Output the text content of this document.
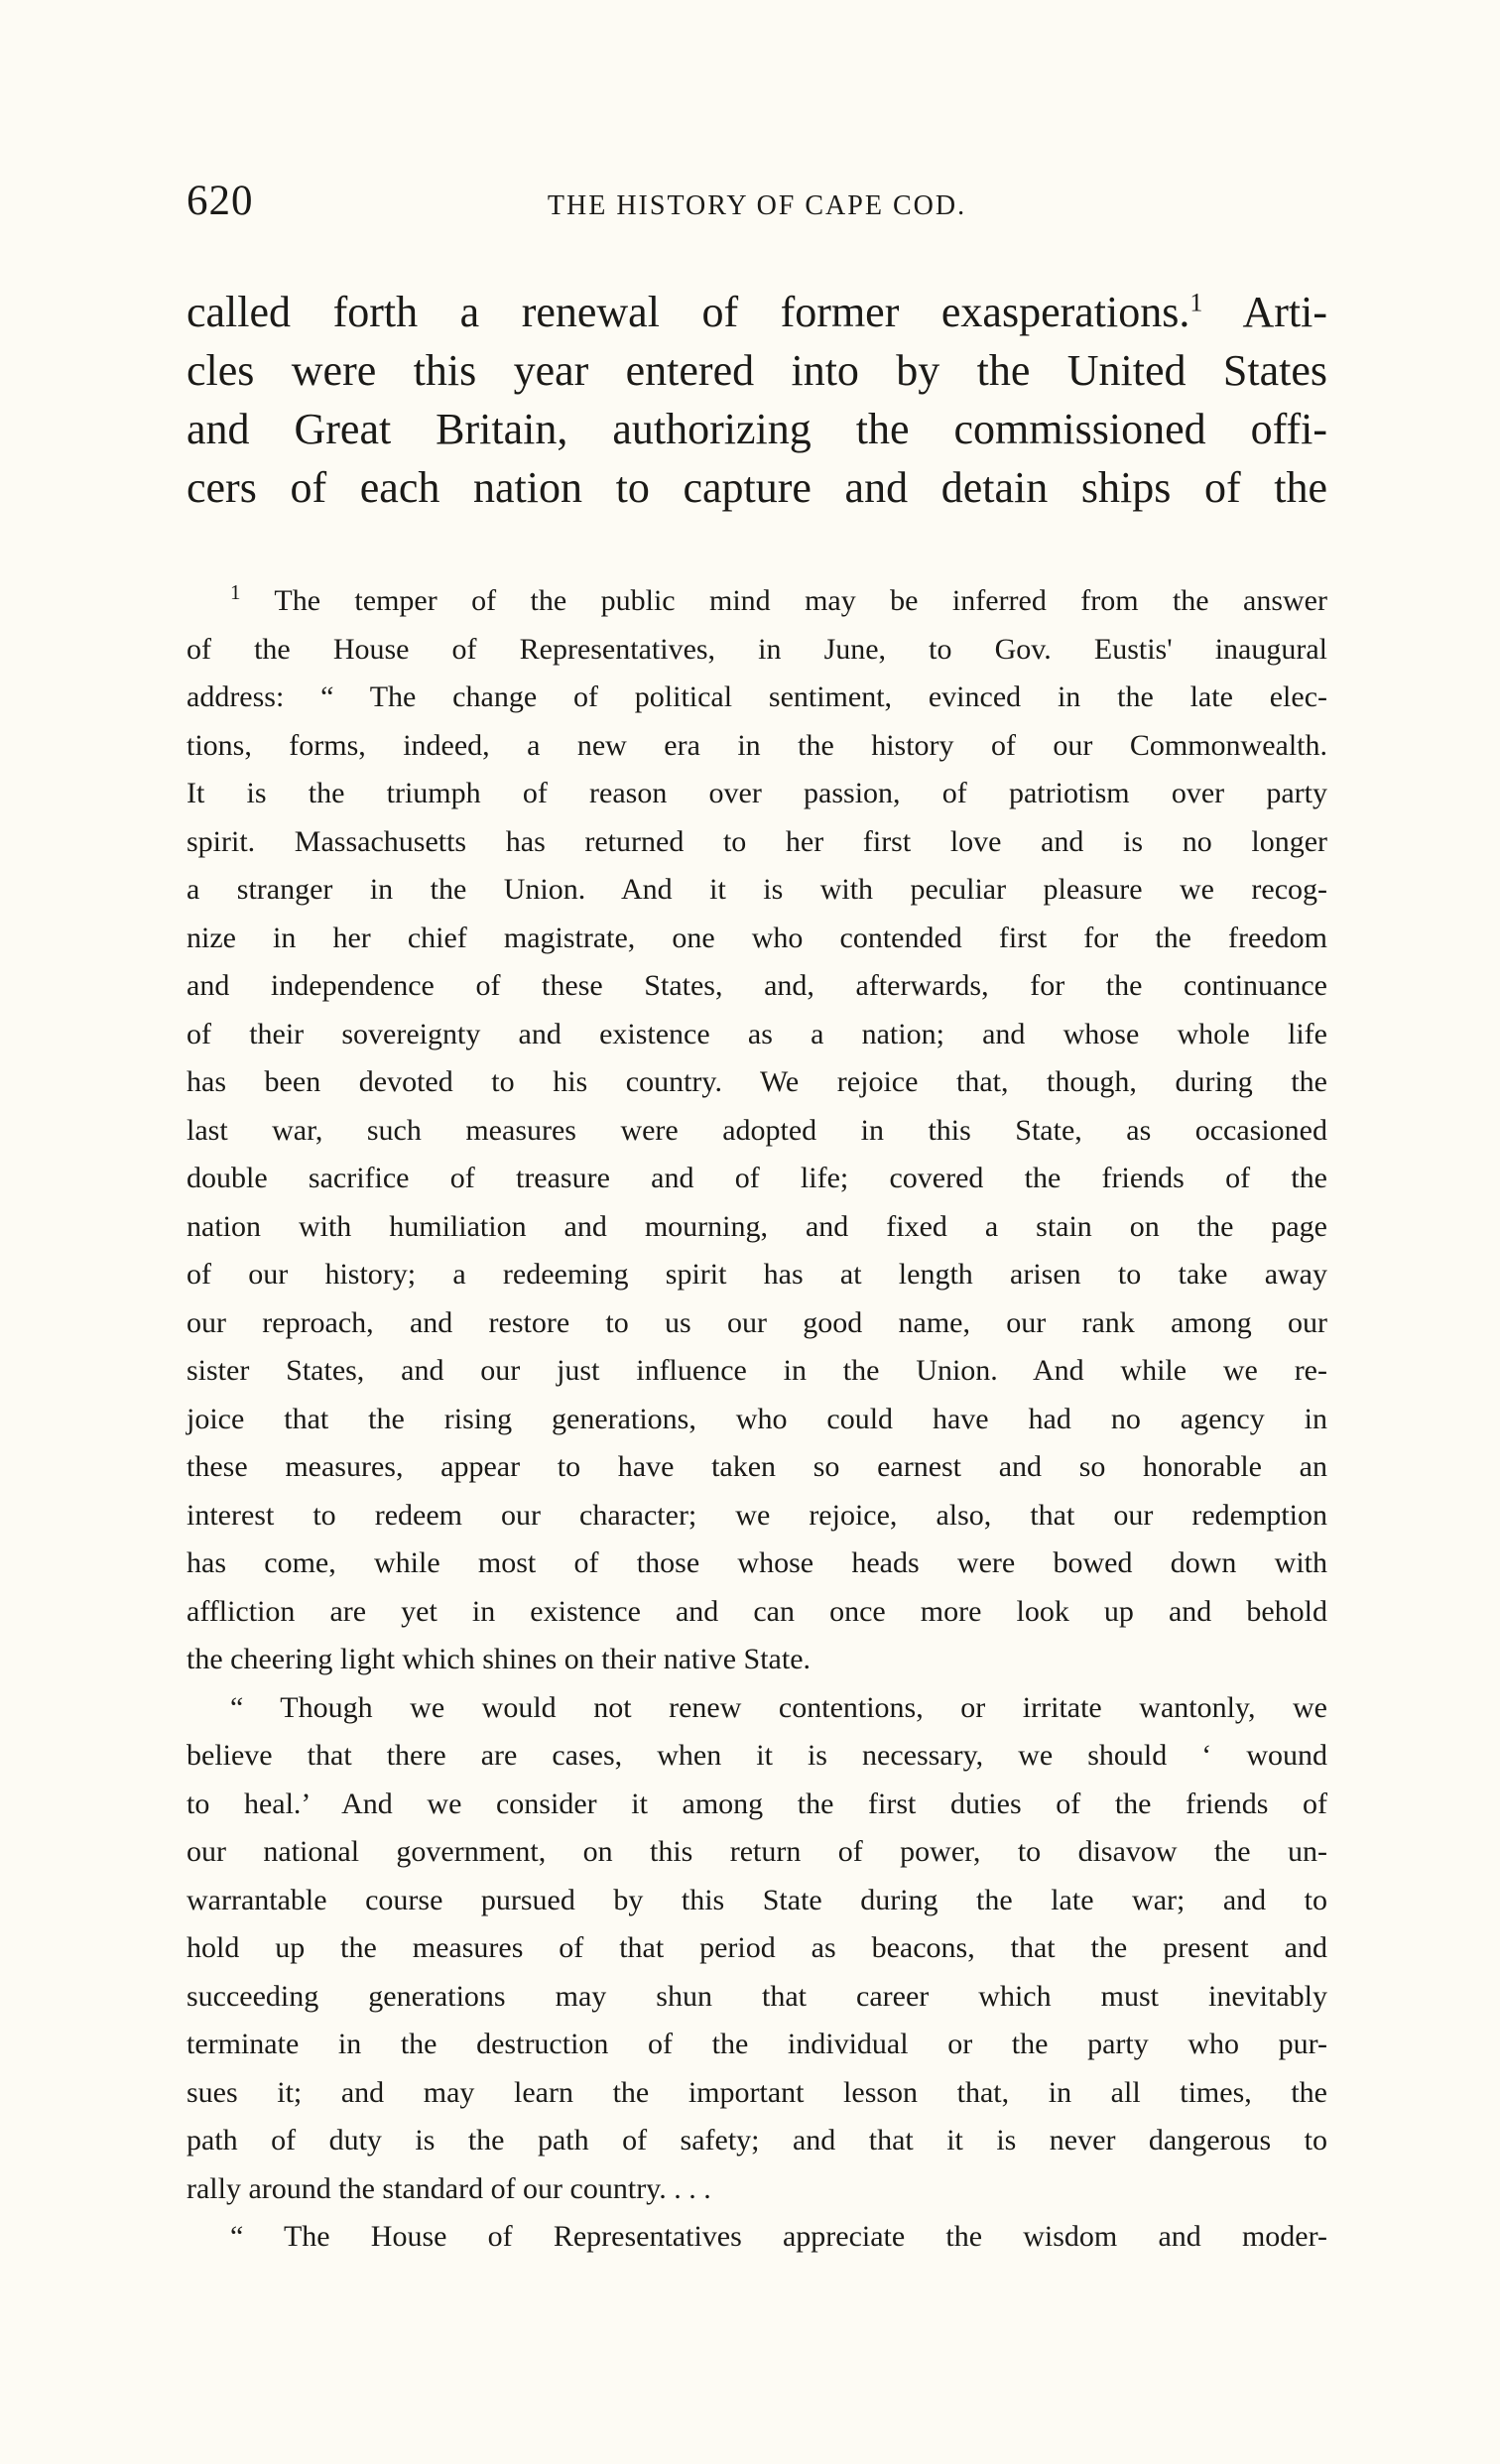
620	THE HISTORY OF CAPE COD.
called forth a renewal of former exasperations.$^1$ Arti-
cles were this year entered into by the United States
and Great Britain, authorizing the commissioned offi-
cers of each nation to capture and detain ships of the
$^1$ The temper of the public mind may be inferred from the answer
of the House of Representatives, in June, to Gov. Eustis' inaugural
address: “ The change of political sentiment, evinced in the late elec-
tions, forms, indeed, a new era in the history of our Commonwealth.
It is the triumph of reason over passion, of patriotism over party
spirit. Massachusetts has returned to her first love and is no longer
a stranger in the Union. And it is with peculiar pleasure we recog-
nize in her chief magistrate, one who contended first for the freedom
and independence of these States, and, afterwards, for the continuance
of their sovereignty and existence as a nation; and whose whole life
has been devoted to his country. We rejoice that, though, during the
last war, such measures were adopted in this State, as occasioned
double sacrifice of treasure and of life; covered the friends of the
nation with humiliation and mourning, and fixed a stain on the page
of our history; a redeeming spirit has at length arisen to take away
our reproach, and restore to us our good name, our rank among our
sister States, and our just influence in the Union. And while we re-
joice that the rising generations, who could have had no agency in
these measures, appear to have taken so earnest and so honorable an
interest to redeem our character; we rejoice, also, that our redemption
has come, while most of those whose heads were bowed down with
affliction are yet in existence and can once more look up and behold
the cheering light which shines on their native State.
“ Though we would not renew contentions, or irritate wantonly, we
believe that there are cases, when it is necessary, we should ‘ wound
to heal.’ And we consider it among the first duties of the friends of
our national government, on this return of power, to disavow the un-
warrantable course pursued by this State during the late war; and to
hold up the measures of that period as beacons, that the present and
succeeding generations may shun that career which must inevitably
terminate in the destruction of the individual or the party who pur-
sues it; and may learn the important lesson that, in all times, the
path of duty is the path of safety; and that it is never dangerous to
rally around the standard of our country. . . .
“ The House of Representatives appreciate the wisdom and moder-
